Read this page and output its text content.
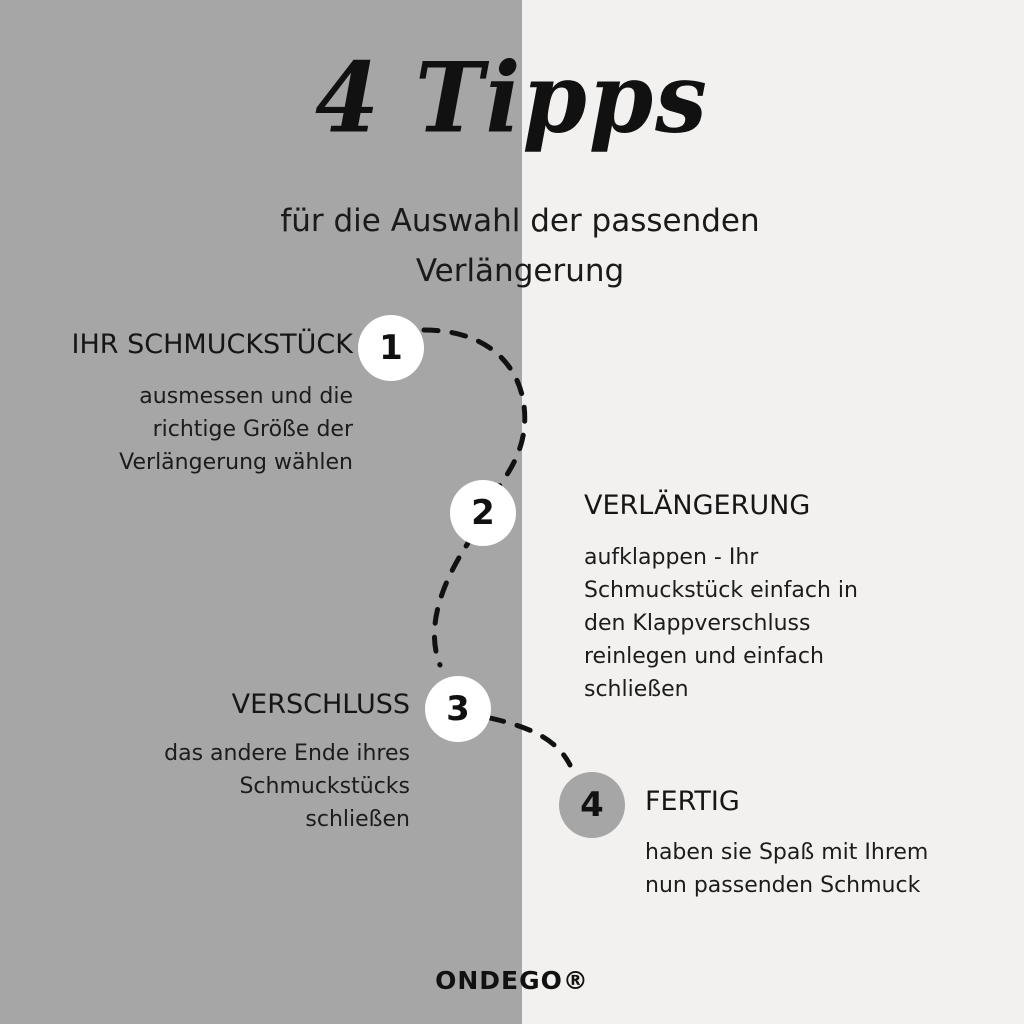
4 Tipps
für die Auswahl der passenden
Verlängerung
1
IHR SCHMUCKSTÜCK
ausmessen und die
richtige Größe der
Verlängerung wählen
2	VERLÄNGERUNG
aufklappen - Ihr
Schmuckstück einfach in
den Klappverschluss
reinlegen und einfach
schließen
3
VERSCHLUSS
das andere Ende ihres
Schmuckstücks
schließen	4 FERTIG
haben sie Spaß mit Ihrem
nun passenden Schmuck
ONDEGO®
